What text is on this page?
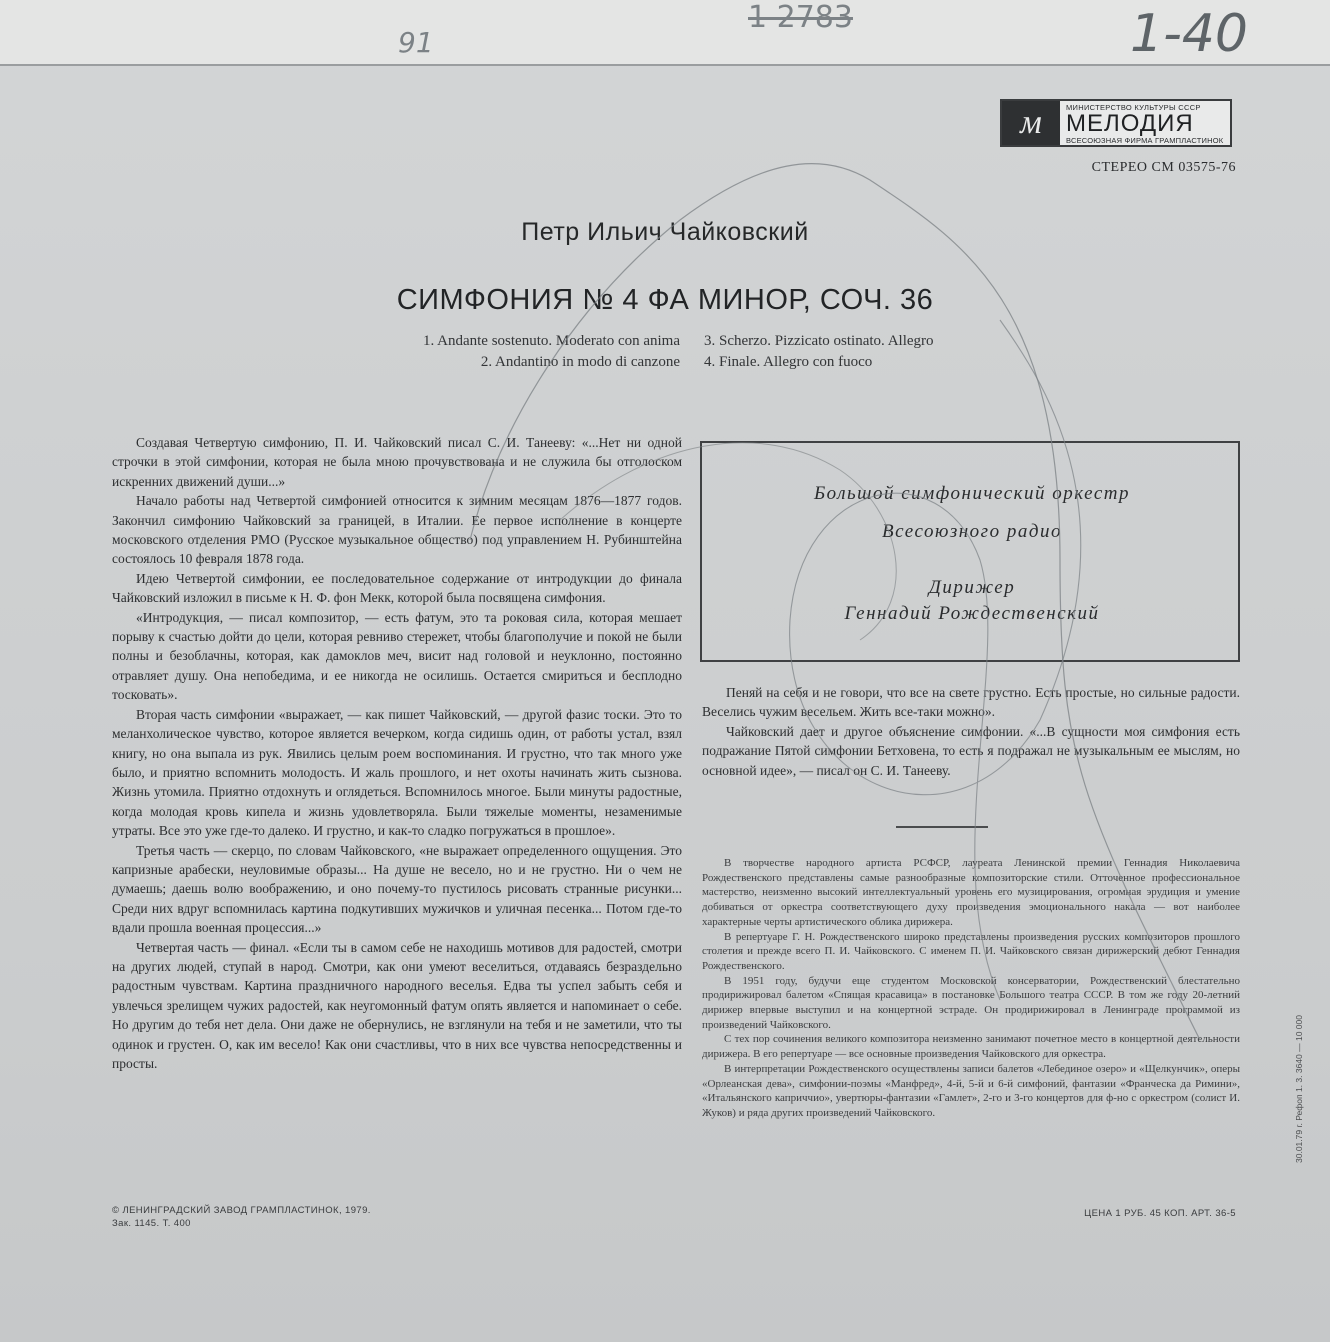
91
1 2783	1-40
м	МИНИСТЕРСТВО КУЛЬТУРЫ СССР
МЕЛОДИЯ
ВСЕСОЮЗНАЯ ФИРМА ГРАМПЛАСТИНОК
СТЕРЕО СМ 03575-76
Петр Ильич Чайковский
СИМФОНИЯ № 4 ФА МИНОР, СОЧ. 36
1. Andante sostenuto. Moderato con anima
2. Andantino in modo di canzone
3. Scherzo. Pizzicato ostinato. Allegro
4. Finale. Allegro con fuoco

Создавая Четвертую симфонию, П. И. Чайковский писал С. И. Танееву: «...Нет ни одной строчки в этой симфонии, которая не была мною прочувствована и не служила бы отголоском искренних движений души...»

Начало работы над Четвертой симфонией относится к зимним месяцам 1876—1877 годов. Закончил симфонию Чайковский за границей, в Италии. Ее первое исполнение в концерте московского отделения РМО (Русское музыкальное общество) под управлением Н. Рубинштейна состоялось 10 февраля 1878 года.

Идею Четвертой симфонии, ее последовательное содержание от интродукции до финала Чайковский изложил в письме к Н. Ф. фон Мекк, которой была посвящена симфония.

«Интродукция, — писал композитор, — есть фатум, это та роковая сила, которая мешает порыву к счастью дойти до цели, которая ревниво стережет, чтобы благополучие и покой не были полны и безоблачны, которая, как дамоклов меч, висит над головой и неуклонно, постоянно отравляет душу. Она непобедима, и ее никогда не осилишь. Остается смириться и бесплодно тосковать».

Вторая часть симфонии «выражает, — как пишет Чайковский, — другой фазис тоски. Это то меланхолическое чувство, которое является вечерком, когда сидишь один, от работы устал, взял книгу, но она выпала из рук. Явились целым роем воспоминания. И грустно, что так много уже было, и приятно вспомнить молодость. И жаль прошлого, и нет охоты начинать жить сызнова. Жизнь утомила. Приятно отдохнуть и оглядеться. Вспомнилось многое. Были минуты радостные, когда молодая кровь кипела и жизнь удовлетворяла. Были тяжелые моменты, незаменимые утраты. Все это уже где-то далеко. И грустно, и как-то сладко погружаться в прошлое».

Третья часть — скерцо, по словам Чайковского, «не выражает определенного ощущения. Это капризные арабески, неуловимые образы... На душе не весело, но и не грустно. Ни о чем не думаешь; даешь волю воображению, и оно почему-то пустилось рисовать странные рисунки... Среди них вдруг вспомнилась картина подкутивших мужичков и уличная песенка... Потом где-то вдали прошла военная процессия...»

Четвертая часть — финал. «Если ты в самом себе не находишь мотивов для радостей, смотри на других людей, ступай в народ. Смотри, как они умеют веселиться, отдаваясь безраздельно радостным чувствам. Картина праздничного народного веселья. Едва ты успел забыть себя и увлечься зрелищем чужих радостей, как неугомонный фатум опять является и напоминает о себе. Но другим до тебя нет дела. Они даже не обернулись, не взглянули на тебя и не заметили, что ты одинок и грустен. О, как им весело! Как они счастливы, что в них все чувства непосредственны и просты.

Большой симфонический оркестр
Всесоюзного радио
Дирижер
Геннадий Рождественский

Пеняй на себя и не говори, что все на свете грустно. Есть простые, но сильные радости. Веселись чужим весельем. Жить все-таки можно».

Чайковский дает и другое объяснение симфонии. «...В сущности моя симфония есть подражание Пятой симфонии Бетховена, то есть я подражал не музыкальным ее мыслям, но основной идее», — писал он С. И. Танееву.

В творчестве народного артиста РСФСР, лауреата Ленинской премии Геннадия Николаевича Рождественского представлены самые разнообразные композиторские стили. Отточенное профессиональное мастерство, неизменно высокий интеллектуальный уровень его музицирования, огромная эрудиция и умение добиваться от оркестра соответствующего духу произведения эмоционального накала — вот наиболее характерные черты артистического облика дирижера.

В репертуаре Г. Н. Рождественского широко представлены произведения русских композиторов прошлого столетия и прежде всего П. И. Чайковского. С именем П. И. Чайковского связан дирижерский дебют Геннадия Рождественского.

В 1951 году, будучи еще студентом Московской консерватории, Рождественский блестательно продирижировал балетом «Спящая красавица» в постановке Большого театра СССР. В том же году 20-летний дирижер впервые выступил и на концертной эстраде. Он продирижировал в Ленинграде программой из произведений Чайковского.

С тех пор сочинения великого композитора неизменно занимают почетное место в концертной деятельности дирижера. В его репертуаре — все основные произведения Чайковского для оркестра.

В интерпретации Рождественского осуществлены записи балетов «Лебединое озеро» и «Щелкунчик», оперы «Орлеанская дева», симфонии-поэмы «Манфред», 4-й, 5-й и 6-й симфоний, фантазии «Франческа да Римини», «Итальянского каприччио», увертюры-фантазии «Гамлет», 2-го и 3-го концертов для ф-но с оркестром (солист И. Жуков) и ряда других произведений Чайковского.

© ЛЕНИНГРАДСКИЙ ЗАВОД ГРАМПЛАСТИНОК, 1979.
Зак. 1145. Т. 400
ЦЕНА 1 РУБ. 45 КОП. АРТ. 36-5
30.01.79 г. Рефоп 1. 3. 3640 — 10 000
